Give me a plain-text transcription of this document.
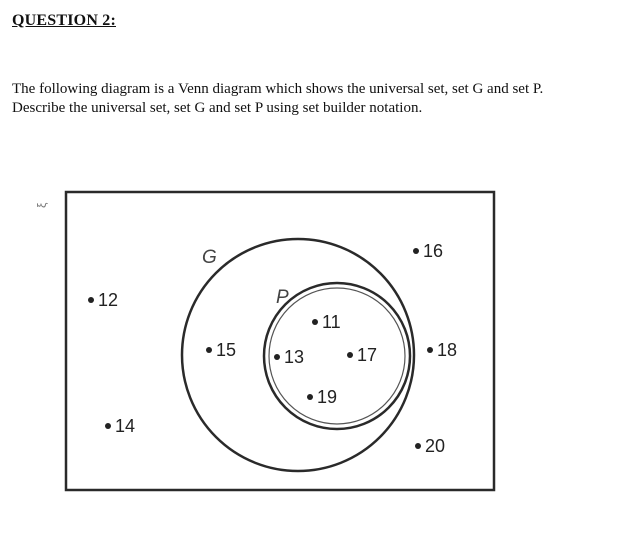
QUESTION 2:

The following diagram is a Venn diagram which shows the universal set, set G and set P.

Describe the universal set, set G and set P using set builder notation.

ξ
G
P
12
14
16
18
20
15
11
13	17
19
